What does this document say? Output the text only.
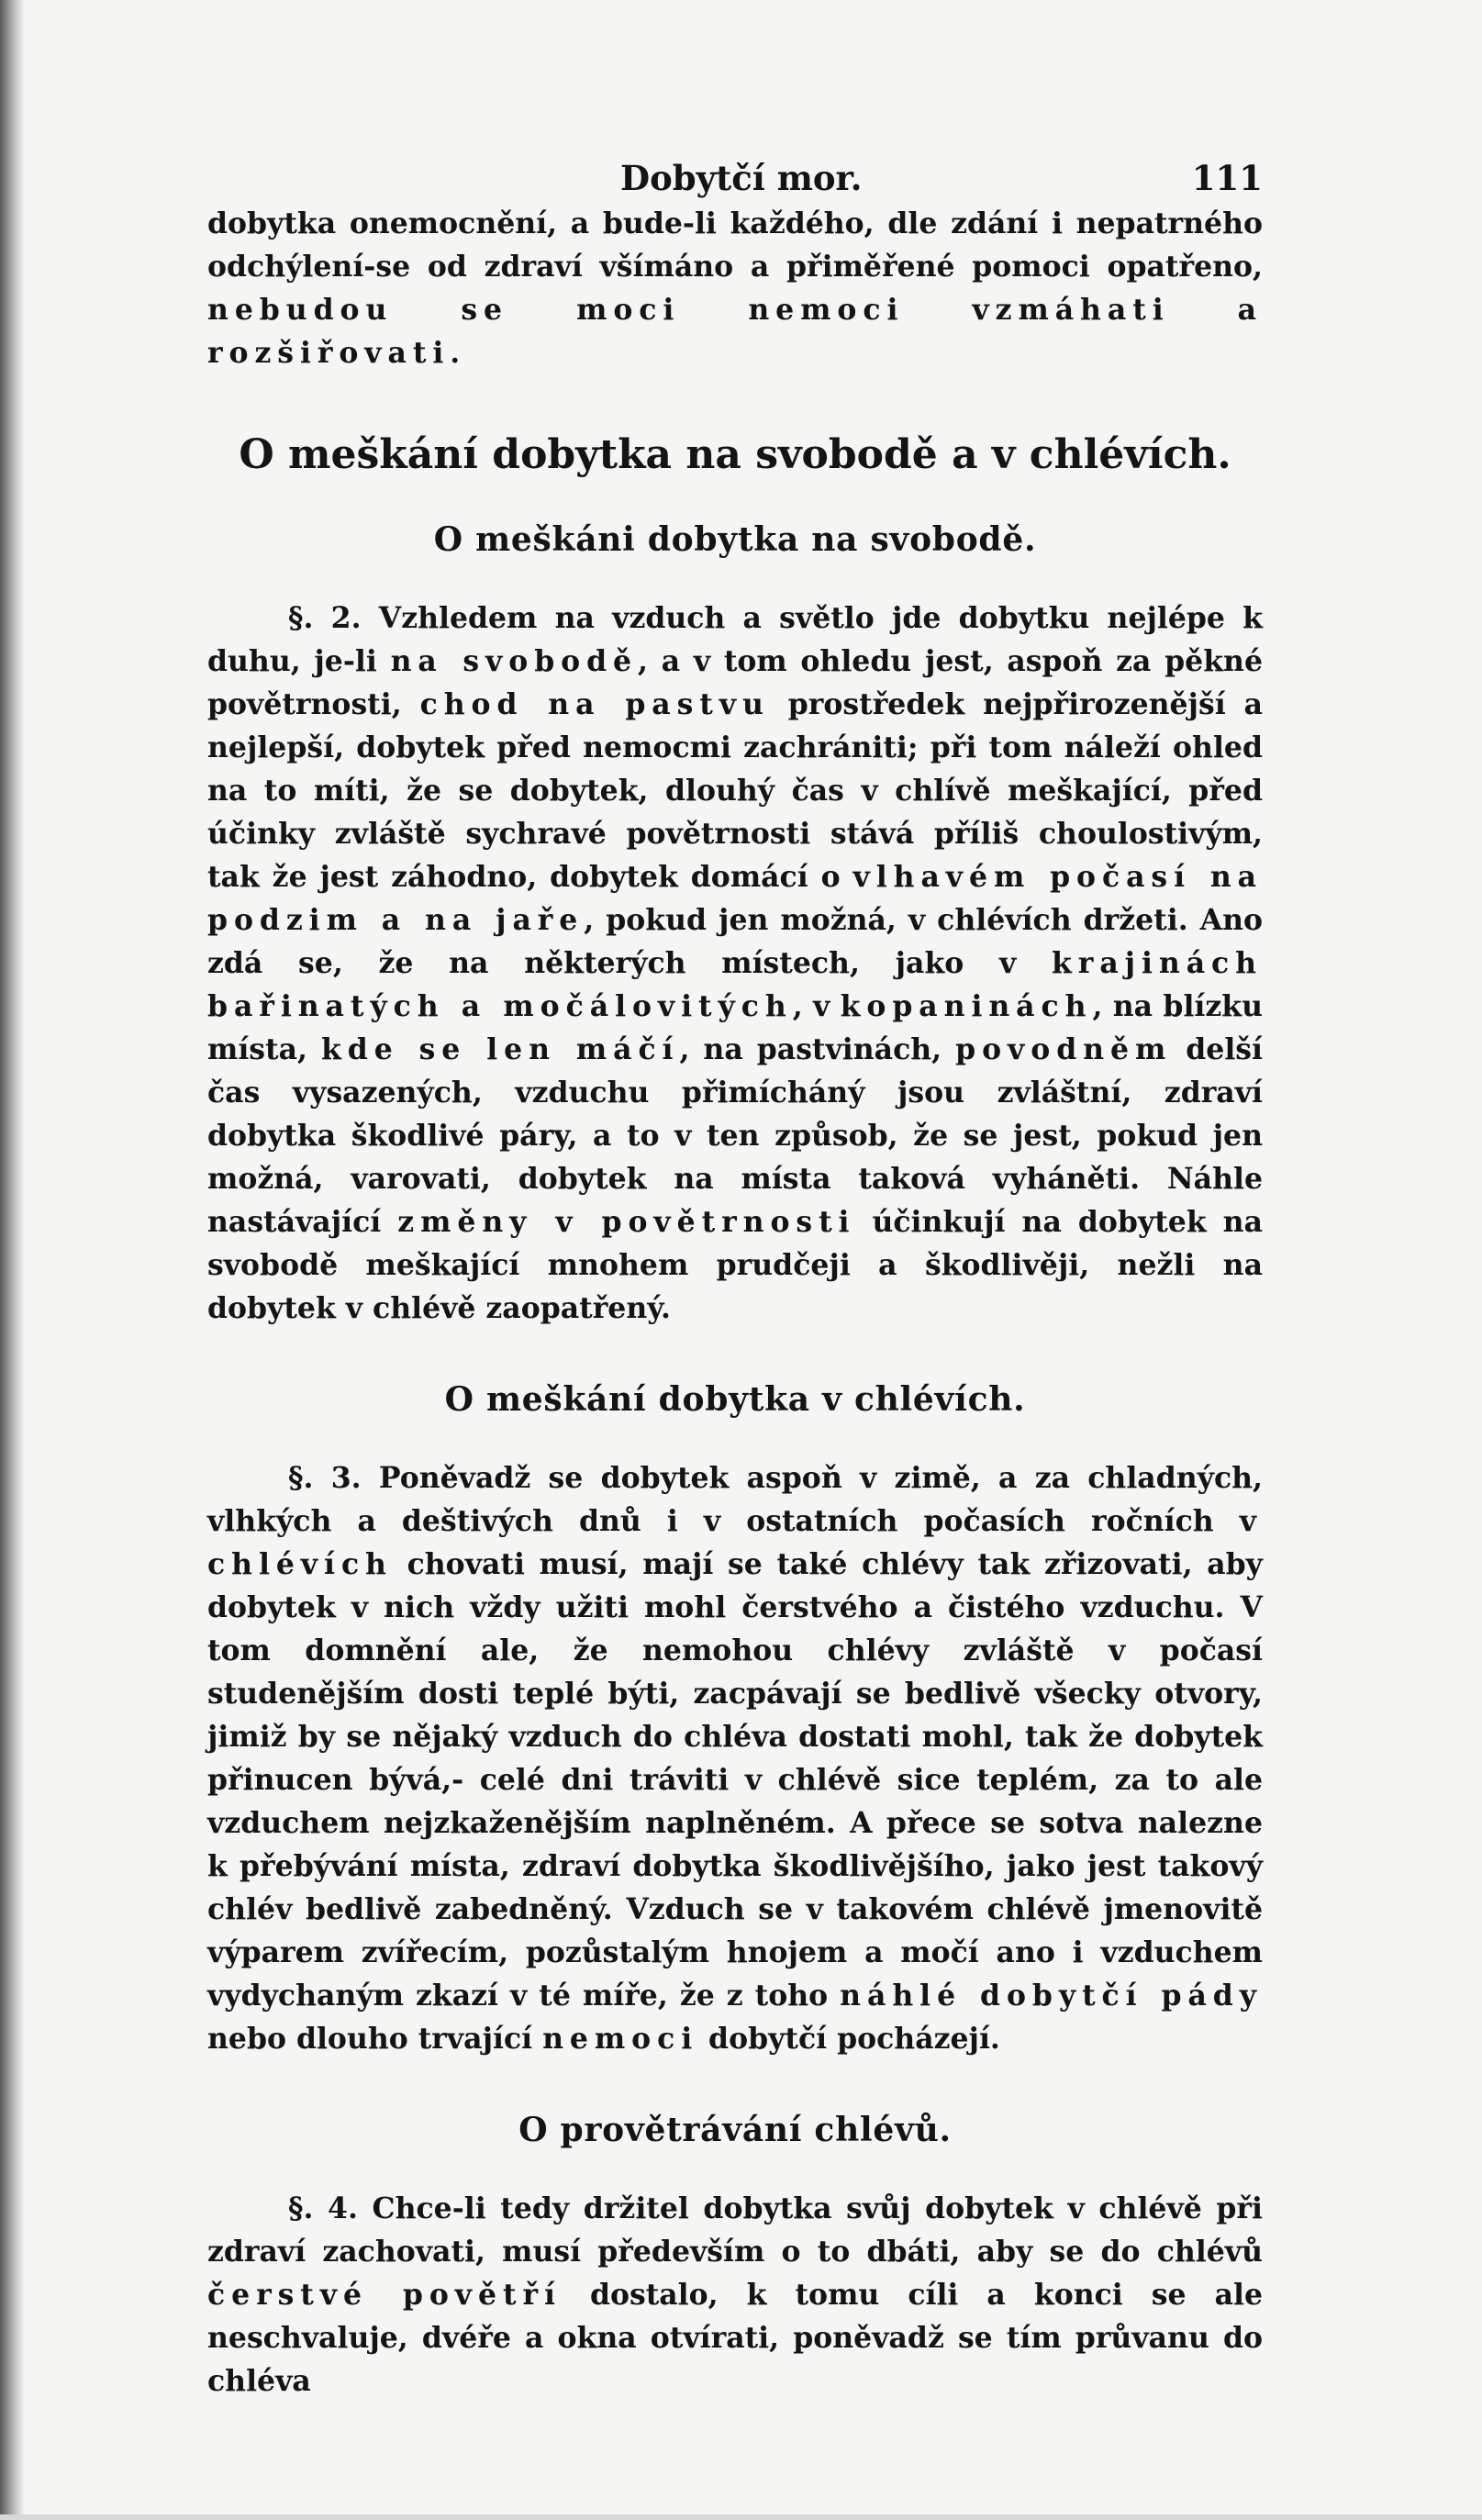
Dobytčí mor.	111

dobytka onemocnění, a bude-li každého, dle zdání i nepatrného odchýlení-se od zdraví všímáno a přiměřené pomoci opatřeno, nebudou se moci nemoci vzmáhati a rozšiřovati.

O meškání dobytka na svobodě a v chlévích.
O meškáni dobytka na svobodě.

§. 2. Vzhledem na vzduch a světlo jde dobytku nejlépe k duhu, je-li na svobodě, a v tom ohledu jest, aspoň za pěkné povětrnosti, chod na pastvu prostředek nejpřirozenější a nejlepší, dobytek před nemocmi zachrániti; při tom náleží ohled na to míti, že se dobytek, dlouhý čas v chlívě meškající, před účinky zvláště sychravé povětrnosti stává příliš choulostivým, tak že jest záhodno, dobytek domácí o vlhavém počasí na podzim a na jaře, pokud jen možná, v chlévích držeti. Ano zdá se, že na některých místech, jako v krajinách bařinatých a močálovitých, v kopaninách, na blízku místa, kde se len máčí, na pastvinách, povodněm delší čas vysazených, vzduchu přimícháný jsou zvláštní, zdraví dobytka škodlivé páry, a to v ten způsob, že se jest, pokud jen možná, varovati, dobytek na místa taková vyháněti. Náhle nastávající změny v povětrnosti účinkují na dobytek na svobodě meškající mnohem prudčeji a škodlivěji, nežli na dobytek v chlévě zaopatřený.

O meškání dobytka v chlévích.

§. 3. Poněvadž se dobytek aspoň v zimě, a za chladných, vlhkých a deštivých dnů i v ostatních počasích ročních v chlévích chovati musí, mají se také chlévy tak zřizovati, aby dobytek v nich vždy užiti mohl čerstvého a čistého vzduchu. V tom domnění ale, že nemohou chlévy zvláště v počasí studenějším dosti teplé býti, zacpávají se bedlivě všecky otvory, jimiž by se nějaký vzduch do chléva dostati mohl, tak že dobytek přinucen bývá,- celé dni tráviti v chlévě sice teplém, za to ale vzduchem nejzkaženějším naplněném. A přece se sotva nalezne k přebývání místa, zdraví dobytka škodlivějšího, jako jest takový chlév bedlivě zabedněný. Vzduch se v takovém chlévě jmenovitě výparem zvířecím, pozůstalým hnojem a močí ano i vzduchem vydychaným zkazí v té míře, že z toho náhlé dobytčí pády nebo dlouho trvající nemoci dobytčí pocházejí.

O provětrávání chlévů.

§. 4. Chce-li tedy držitel dobytka svůj dobytek v chlévě při zdraví zachovati, musí především o to dbáti, aby se do chlévů čerstvé povětří dostalo, k tomu cíli a konci se ale neschvaluje, dvéře a okna otvírati, poněvadž se tím průvanu do chléva
